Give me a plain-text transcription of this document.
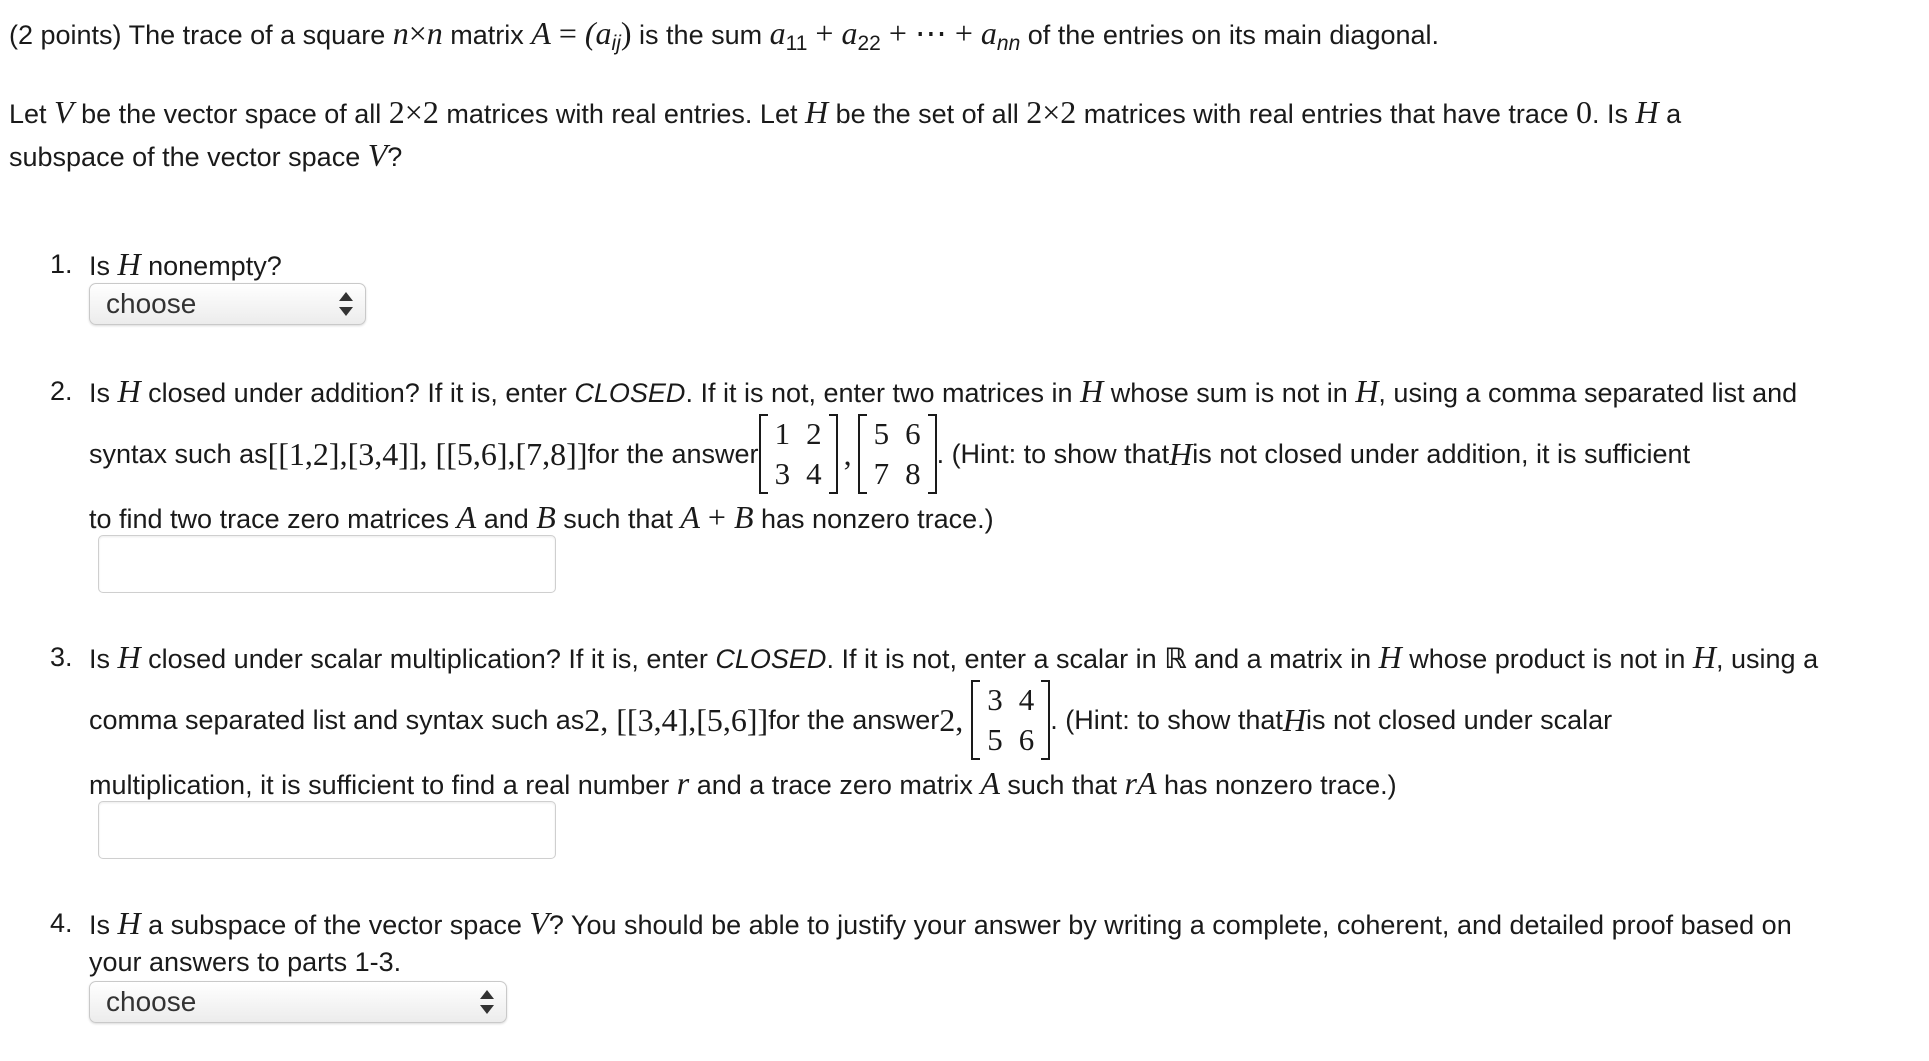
(2 points) The trace of a square n×n matrix $A = (a_{ij})$ is the sum $a_{11} + a_{22}$ + ⋯ + $a_{nn}$ of the entries on its main diagonal.
Let V be the vector space of all 2×2 matrices with real entries. Let H be the set of all 2×2 matrices with real entries that have trace 0. Is H a
subspace of the vector space V?
1. Is H nonempty?
choose
2. Is H closed under addition? If it is, enter CLOSED. If it is not, enter two matrices in H whose sum is not in H, using a comma separated list and
syntax such as [[1,2],[3,4]], [[5,6],[7,8]] for the answer
1	2
3	4
,
5	6
7	8
. (Hint: to show that H is not closed under addition, it is sufficient
to find two trace zero matrices A and B such that A + B has nonzero trace.)
3. Is H closed under scalar multiplication? If it is, enter CLOSED. If it is not, enter a scalar in ℝ and a matrix in H whose product is not in H, using a
comma separated list and syntax such as 2, [[3,4],[5,6]] for the answer 2,
3	4
5	6
. (Hint: to show that H is not closed under scalar
multiplication, it is sufficient to find a real number r and a trace zero matrix A such that rA has nonzero trace.)
4. Is H a subspace of the vector space V? You should be able to justify your answer by writing a complete, coherent, and detailed proof based on
your answers to parts 1-3.
choose
